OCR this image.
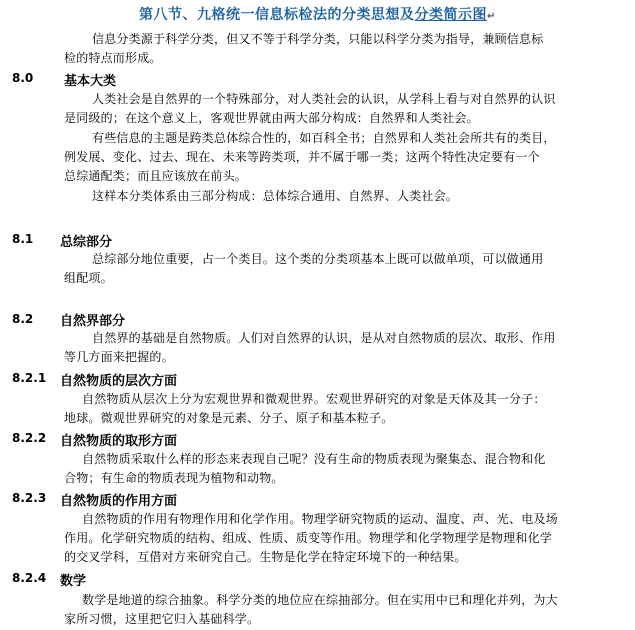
第八节、九格统一信息标检法的分类思想及分类简示图↵
信息分类源于科学分类，但又不等于科学分类，只能以科学分类为指导，兼顾信息标
检的特点而形成。
8.0 基本大类
人类社会是自然界的一个特殊部分，对人类社会的认识，从学科上看与对自然界的认识
是同级的；在这个意义上，客观世界就由两大部分构成：自然界和人类社会。
有些信息的主题是跨类总体综合性的，如百科全书；自然界和人类社会所共有的类目，
例发展、变化、过去、现在、未来等跨类项，并不属于哪一类；这两个特性决定要有一个
总综通配类；而且应该放在前头。
这样本分类体系由三部分构成：总体综合通用、自然界、人类社会。
8.1 总综部分
总综部分地位重要，占一个类目。这个类的分类项基本上既可以做单项，可以做通用
组配项。
8.2 自然界部分
自然界的基础是自然物质。人们对自然界的认识，是从对自然物质的层次、取形、作用
等几方面来把握的。
8.2.1 自然物质的层次方面
自然物质从层次上分为宏观世界和微观世界。宏观世界研究的对象是天体及其一分子：
地球。微观世界研究的对象是元素、分子、原子和基本粒子。
8.2.2 自然物质的取形方面
自然物质采取什么样的形态来表现自己呢？没有生命的物质表现为聚集态、混合物和化
合物；有生命的物质表现为植物和动物。
8.2.3 自然物质的作用方面
自然物质的作用有物理作用和化学作用。物理学研究物质的运动、温度、声、光、电及场
作用。化学研究物质的结构、组成、性质、质变等作用。物理学和化学物理学是物理和化学
的交叉学科，互借对方来研究自己。生物是化学在特定环境下的一种结果。
8.2.4 数学
数学是地道的综合抽象。科学分类的地位应在综抽部分。但在实用中已和理化并列，为大
家所习惯，这里把它归入基础科学。
